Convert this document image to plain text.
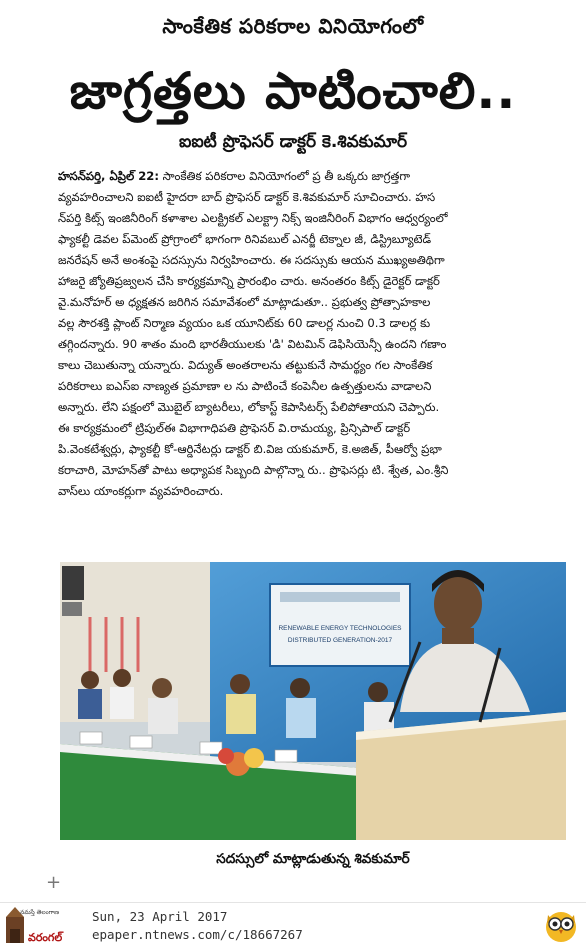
సాంకేతిక పరికరాల వినియోగంలో
జాగ్రత్తలు పాటించాలి..
ఐఐటీ ప్రొఫెసర్ డాక్టర్ కె.శివకుమార్
హసన్‌పర్తి, ఏప్రిల్ 22: సాంకేతిక పరికరాల వినియోగంలో ప్ర తీ ఒక్కరు జాగ్రత్తగా
వ్యవహరించాలని ఐఐటీ హైదరా బాద్ ప్రొఫెసర్ డాక్టర్ కె.శివకుమార్ సూచించారు. హస
న్‌పర్తి కిట్స్ ఇంజినీరింగ్ కళాశాల ఎలక్ట్రికల్ ఎలక్ట్రా నిక్స్ ఇంజినీరింగ్ విభాగం ఆధ్వర్యంలో
ఫ్యాకల్టీ డెవల ప్‌మెంట్ ప్రోగ్రాంలో భాగంగా రినివబుల్ ఎనర్జీ టెక్నాల జీ, డిస్ట్రిబ్యూటెడ్
జనరేషన్ అనే అంశంపై సదస్సును నిర్వహించారు. ఈ సదస్సుకు ఆయన ముఖ్యఅతిథిగా
హాజరై జ్యోతిప్రజ్వలన చేసి కార్యక్రమాన్ని ప్రారంభిం చారు. అనంతరం కిట్స్ డైరెక్టర్ డాక్టర్
వై.మనోహర్ అ ధ్యక్షతన జరిగిన సమావేశంలో మాట్లాడుతూ.. ప్రభుత్వ ప్రోత్సాహకాల
వల్ల సౌరశక్తి ప్లాంట్ నిర్మాణ వ్యయం ఒక యూనిట్‌కు 60 డాలర్ల నుంచి 0.3 డాలర్ల కు
తగ్గిందన్నారు. 90 శాతం మంది భారతీయులకు 'డి' విటమిన్ డెఫిసియెన్సీ ఉందని గణాం
కాలు చెబుతున్నా యన్నారు. విద్యుత్ అంతరాలను తట్టుకునే సామర్థ్యం గల సాంకేతిక
పరికరాలు ఐఎస్‌ఐ నాణ్యత ప్రమాణా ల ను పాటించే కంపెనీల ఉత్పత్తులను వాడాలని
అన్నారు. లేని పక్షంలో మొబైల్ బ్యాటరీలు, లోకాస్ట్ కెపాసిటర్స్ పేలిపోతాయని చెప్పారు.
ఈ కార్యక్రమంలో ట్రిపుల్‌ఈ విభాగాధిపతి ప్రొఫెసర్ వి.రామయ్య, ప్రిన్సిపాల్ డాక్టర్
పి.వెంకటేశ్వర్లు, ఫ్యాకల్టీ కో-ఆర్డినేటర్లు డాక్టర్ బి.విజ యకుమార్, కె.అజిత్, పీఆర్వో ప్రభా
కరాచారి, మోహన్‌తో పాటు అధ్యాపక సిబ్బంది పాల్గొన్నా రు.. ప్రొఫెసర్లు టి. శ్వేత, ఎం.శ్రీని
వాస్‌లు యాంకర్లుగా వ్యవహరించారు.
RENEWABLE ENERGY TECHNOLOGIES
DISTRIBUTED GENERATION-2017
సదస్సులో మాట్లాడుతున్న శివకుమార్
+
నమస్తే తెలంగాణ
వరంగల్
Sun, 23 April 2017
epaper.ntnews.com/c/18667267
